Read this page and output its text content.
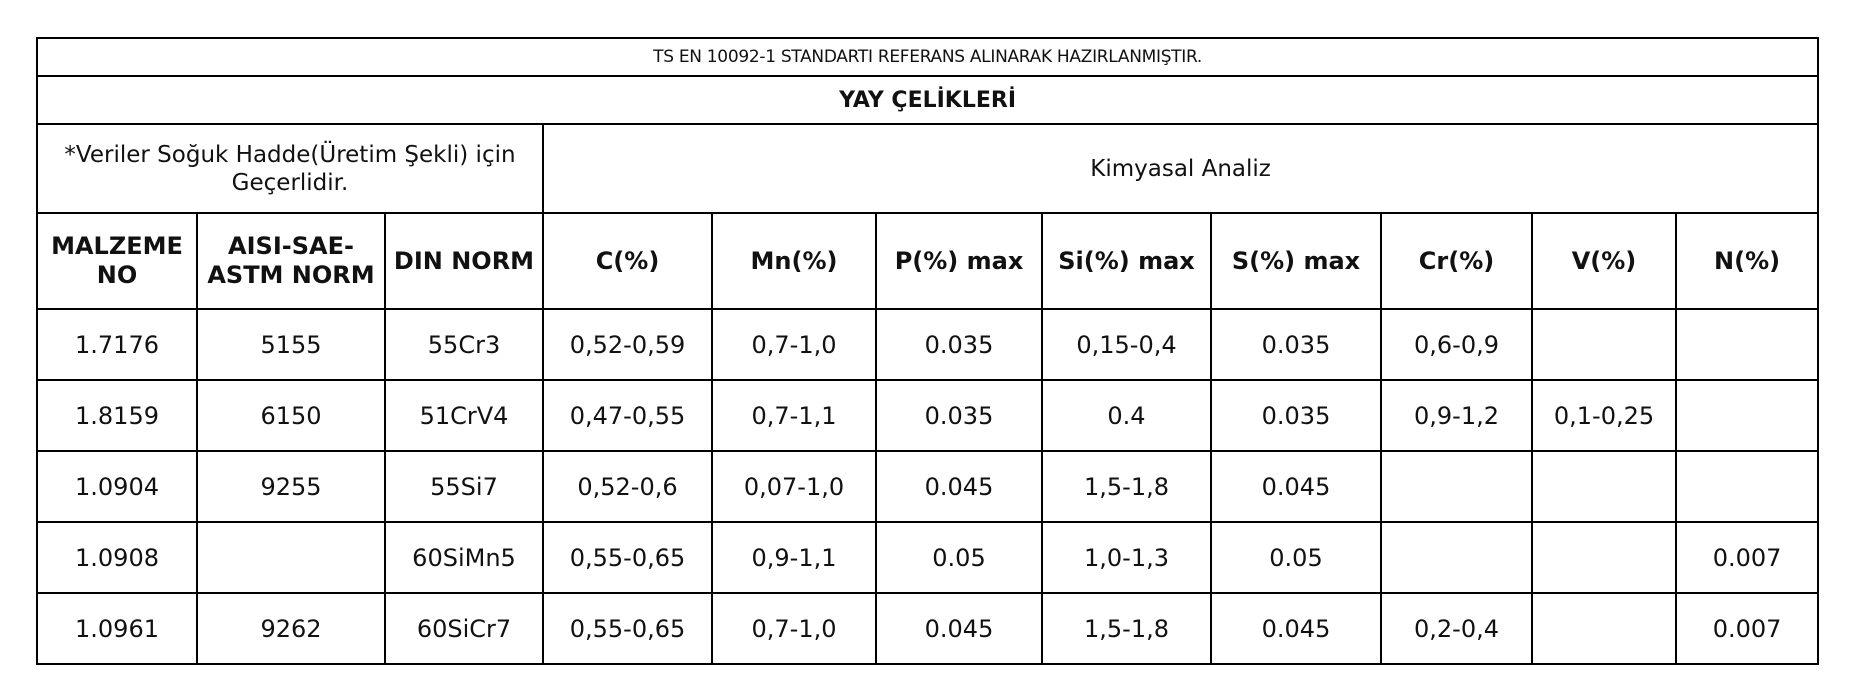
TS EN 10092-1 STANDARTI REFERANS ALINARAK HAZIRLANMIŞTIR.										
YAY ÇELİKLERİ										
*Veriler Soğuk Hadde(Üretim Şekli) için Geçerlidir.			Kimyasal Analiz							
MALZEME NO	AISI-SAE-ASTM NORM	DIN NORM	C(%)	Mn(%)	P(%) max	Si(%) max	S(%) max	Cr(%)	V(%)	N(%)
1.7176	5155	55Cr3	0,52-0,59	0,7-1,0	0.035	0,15-0,4	0.035	0,6-0,9		
1.8159	6150	51CrV4	0,47-0,55	0,7-1,1	0.035	0.4	0.035	0,9-1,2	0,1-0,25	
1.0904	9255	55Si7	0,52-0,6	0,07-1,0	0.045	1,5-1,8	0.045			
1.0908		60SiMn5	0,55-0,65	0,9-1,1	0.05	1,0-1,3	0.05			0.007
1.0961	9262	60SiCr7	0,55-0,65	0,7-1,0	0.045	1,5-1,8	0.045	0,2-0,4		0.007
